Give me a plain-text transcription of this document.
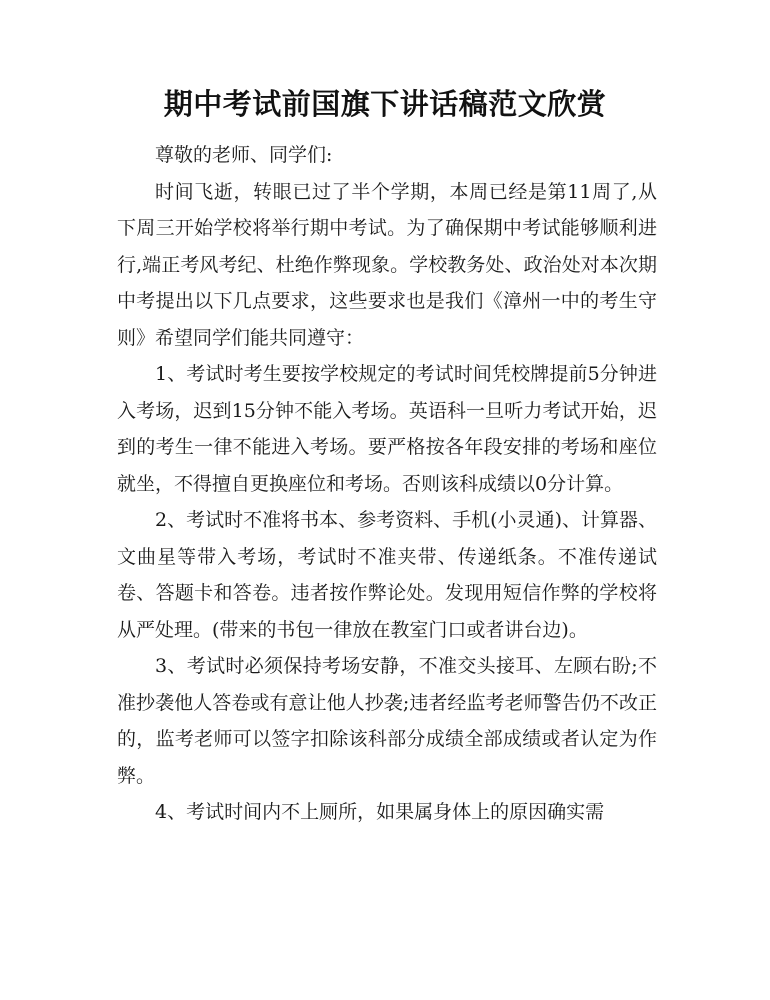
期中考试前国旗下讲话稿范文欣赏

尊敬的老师、同学们:

时间飞逝，转眼已过了半个学期，本周已经是第11周了,从下周三开始学校将举行期中考试。为了确保期中考试能够顺利进行,端正考风考纪、杜绝作弊现象。学校教务处、政治处对本次期中考提出以下几点要求，这些要求也是我们《漳州一中的考生守则》希望同学们能共同遵守：

1、考试时考生要按学校规定的考试时间凭校牌提前5分钟进入考场，迟到15分钟不能入考场。英语科一旦听力考试开始，迟到的考生一律不能进入考场。要严格按各年段安排的考场和座位就坐，不得擅自更换座位和考场。否则该科成绩以0分计算。

2、考试时不准将书本、参考资料、手机(小灵通)、计算器、文曲星等带入考场，考试时不准夹带、传递纸条。不准传递试卷、答题卡和答卷。违者按作弊论处。发现用短信作弊的学校将从严处理。(带来的书包一律放在教室门口或者讲台边)。

3、考试时必须保持考场安静，不准交头接耳、左顾右盼;不准抄袭他人答卷或有意让他人抄袭;违者经监考老师警告仍不改正的，监考老师可以签字扣除该科部分成绩全部成绩或者认定为作弊。

4、考试时间内不上厕所，如果属身体上的原因确实需
